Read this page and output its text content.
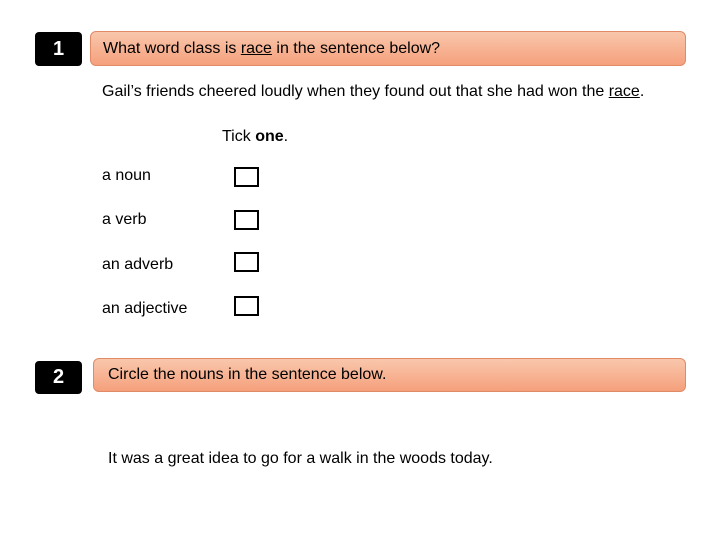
1	What word class is race in the sentence below?
Gail’s friends cheered loudly when they found out that she had won the race.
Tick one.
a noun
a verb
an adverb
an adjective
2	Circle the nouns in the sentence below.
It was a great idea to go for a walk in the woods today.
